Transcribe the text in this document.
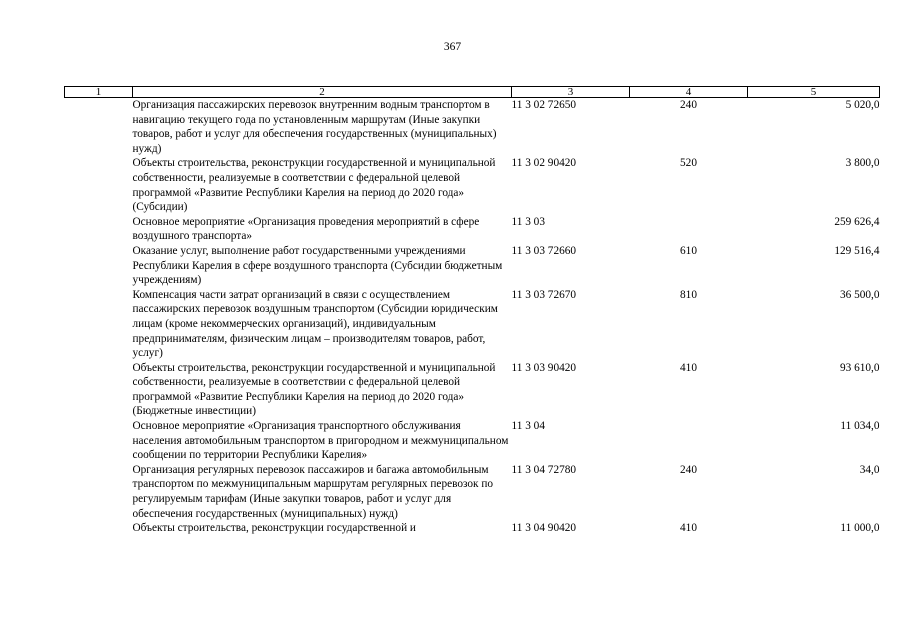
367
1	2	3	4	5
	Организация пассажирских перевозок внутренним водным транспортом в навигацию текущего года по установленным маршрутам (Иные закупки товаров, работ и услуг для обеспечения государственных (муниципальных) нужд)	11 3 02 72650	240	5 020,0
	Объекты строительства, реконструкции государственной и муниципальной собственности, реализуемые в соответствии с федеральной целевой программой «Развитие Республики Карелия на период до 2020 года» (Субсидии)	11 3 02 90420	520	3 800,0
	Основное мероприятие «Организация проведения мероприятий в сфере воздушного транспорта»	11 3 03		259 626,4
	Оказание услуг, выполнение работ государственными учреждениями Республики Карелия в сфере воздушного транспорта (Субсидии бюджетным учреждениям)	11 3 03 72660	610	129 516,4
	Компенсация части затрат организаций в связи с осуществлением пассажирских перевозок воздушным транспортом (Субсидии юридическим лицам (кроме некоммерческих организаций), индивидуальным предпринимателям, физическим лицам – производителям товаров, работ, услуг)	11 3 03 72670	810	36 500,0
	Объекты строительства, реконструкции государственной и муниципальной собственности, реализуемые в соответствии с федеральной целевой программой «Развитие Республики Карелия на период до 2020 года» (Бюджетные инвестиции)	11 3 03 90420	410	93 610,0
	Основное мероприятие «Организация транспортного обслуживания населения автомобильным транспортом в пригородном и межмуниципальном сообщении по территории Республики Карелия»	11 3 04		11 034,0
	Организация регулярных перевозок пассажиров и багажа автомобильным транспортом по межмуниципальным маршрутам регулярных перевозок по регулируемым тарифам (Иные закупки товаров, работ и услуг для обеспечения государственных (муниципальных) нужд)	11 3 04 72780	240	34,0
	Объекты строительства, реконструкции государственной и	11 3 04 90420	410	11 000,0
